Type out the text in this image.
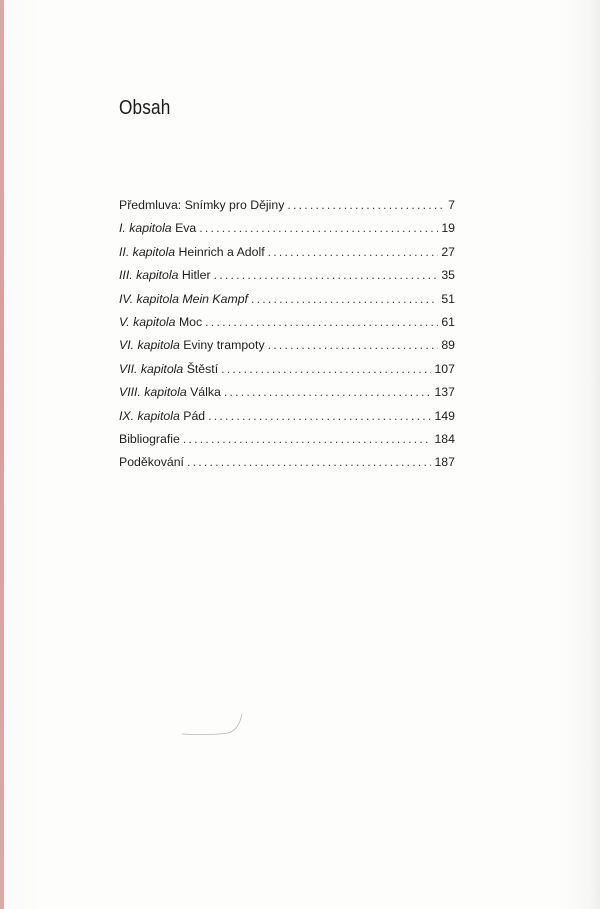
Obsah
Předmluva: Snímky pro Dějiny . . .	7
I. kapitola Eva . . .	19
II. kapitola Heinrich a Adolf . . .	27
III. kapitola Hitler . . .	35
IV. kapitola Mein Kampf . . .	51
V. kapitola Moc . . .	61
VI. kapitola Eviny trampoty . . .	89
VII. kapitola Štěstí . . .	107
VIII. kapitola Válka . . .	137
IX. kapitola Pád . . .	149
Bibliografie . . .	184
Poděkování . . .	187
